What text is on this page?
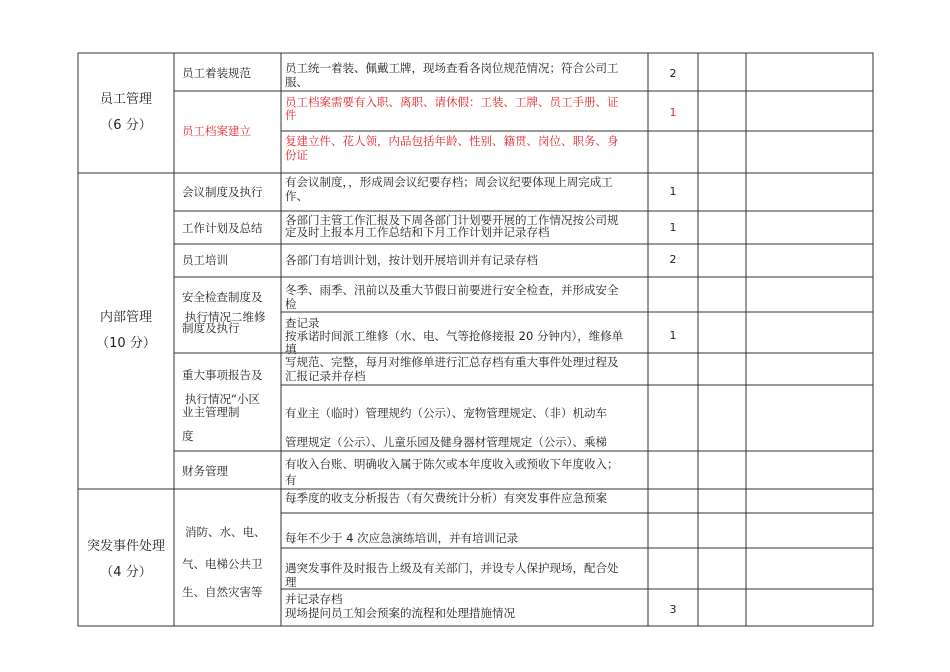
员工管理
（6 分）
内部管理
（10 分）
突发事件处理
（4 分）
员工着装规范
员工档案建立
会议制度及执行
工作计划及总结
员工培训
安全检查制度及
执行情况二维修
制度及执行
重大事项报告及
执行情况“小区
业主管理制
度
财务管理
消防、水、电、
气、电梯公共卫
生、自然灾害等
员工统一着装、佩戴工牌，现场查看各岗位规范情况；符合公司工
服、
员工档案需要有入职、离职、请休假：工装、工牌、员工手册、证
件
复建立件、花人领，内品包括年龄、性别、籍贯、岗位、职务、身
份证
有会议制度，，形成周会议纪要存档；周会议纪要体现上周完成工
作、
各部门主管工作汇报及下周各部门计划要开展的工作情况按公司规
定及时上报本月工作总结和下月工作计划并记录存档
各部门有培训计划，按计划开展培训并有记录存档
冬季、雨季、汛前以及重大节假日前要进行安全检查，并形成安全
检
查记录
按承诺时间派工维修（水、电、气等抢修接报 20 分钟内），维修单
填
写规范、完整，每月对维修单进行汇总存档有重大事件处理过程及
汇报记录并存档
有业主（临时）管理规约（公示）、宠物管理规定、（非）机动车
管理规定（公示）、儿童乐园及健身器材管理规定（公示）、乘梯
有收入台账、明确收入属于陈欠或本年度收入或预收下年度收入；
有
每季度的收支分析报告（有欠费统计分析）有突发事件应急预案
每年不少于 4 次应急演练培训，并有培训记录
遇突发事件及时报告上级及有关部门，并设专人保护现场，配合处
理
并记录存档
现场提问员工知会预案的流程和处理措施情况
2
1
1
1
2
1
3
